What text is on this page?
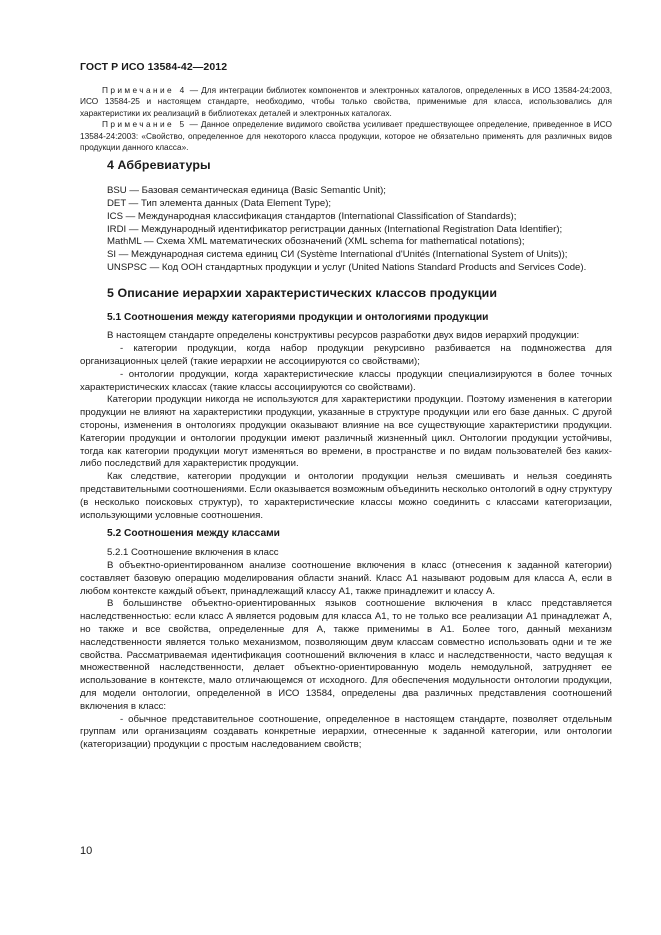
ГОСТ Р ИСО 13584-42—2012

Примечание 4 — Для интеграции библиотек компонентов и электронных каталогов, определенных в ИСО 13584-24:2003, ИСО 13584-25 и настоящем стандарте, необходимо, чтобы только свойства, применимые для класса, использовались для характеристики их реализаций в библиотеках деталей и электронных каталогах.

Примечание 5 — Данное определение видимого свойства усиливает предшествующее определение, приведенное в ИСО 13584-24:2003: «Свойство, определенное для некоторого класса продукции, которое не обязательно применять для различных видов продукции данного класса».

4 Аббревиатуры

BSU — Базовая семантическая единица (Basic Semantic Unit);

DET — Тип элемента данных (Data Element Type);

ICS — Международная классификация стандартов (International Classification of Standards);

IRDI — Международный идентификатор регистрации данных (International Registration Data Identifier);

MathML — Схема XML математических обозначений (XML schema for mathematical notations);

SI — Международная система единиц СИ (Système International d'Unités (International System of Units));

UNSPSC — Код ООН стандартных продукции и услуг (United Nations Standard Products and Services Code).

5 Описание иерархии характеристических классов продукции
5.1 Соотношения между категориями продукции и онтологиями продукции

В настоящем стандарте определены конструктивы ресурсов разработки двух видов иерархий продукции:

- категории продукции, когда набор продукции рекурсивно разбивается на подмножества для организационных целей (такие иерархии не ассоциируются со свойствами);

- онтологии продукции, когда характеристические классы продукции специализируются в более точных характеристических классах (такие классы ассоциируются со свойствами).

Категории продукции никогда не используются для характеристики продукции. Поэтому изменения в категории продукции не влияют на характеристики продукции, указанные в структуре продукции или его базе данных. С другой стороны, изменения в онтологиях продукции оказывают влияние на все существующие характеристики продукции. Категории продукции и онтологии продукции имеют различный жизненный цикл. Онтологии продукции устойчивы, тогда как категории продукции могут изменяться во времени, в пространстве и по видам пользователей без каких-либо последствий для характеристик продукции.

Как следствие, категории продукции и онтологии продукции нельзя смешивать и нельзя соединять представительными соотношениями. Если оказывается возможным объединить несколько онтологий в одну структуру (в несколько поисковых структур), то характеристические классы можно соединить с классами категоризации, использующими условные соотношения.

5.2 Соотношения между классами

5.2.1 Соотношение включения в класс

В объектно-ориентированном анализе соотношение включения в класс (отнесения к заданной категории) составляет базовую операцию моделирования области знаний. Класс A1 называют родовым для класса A, если в любом контексте каждый объект, принадлежащий классу A1, также принадлежит и классу A.

В большинстве объектно-ориентированных языков соотношение включения в класс представляется наследственностью: если класс A является родовым для класса A1, то не только все реализации A1 принадлежат A, но также и все свойства, определенные для A, также применимы в A1. Более того, данный механизм наследственности является только механизмом, позволяющим двум классам совместно использовать одни и те же свойства. Рассматриваемая идентификация соотношений включения в класс и наследственности, часто ведущая к множественной наследственности, делает объектно-ориентированную модель немодульной, затрудняет ее использование в контексте, мало отличающемся от исходного. Для обеспечения модульности онтологии продукции, для модели онтологии, определенной в ИСО 13584, определены два различных представления соотношений включения в класс:

- обычное представительное соотношение, определенное в настоящем стандарте, позволяет отдельным группам или организациям создавать конкретные иерархии, отнесенные к заданной категории, или онтологии (категоризации) продукции с простым наследованием свойств;

10
